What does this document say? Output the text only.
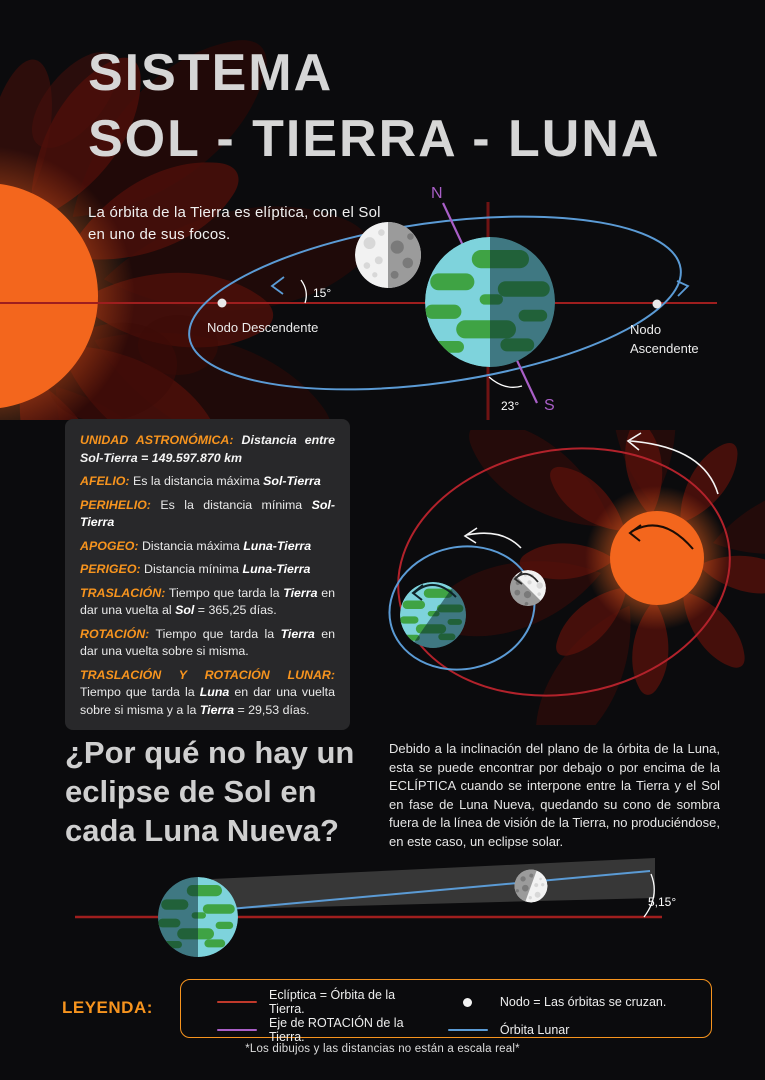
N
S
15°
23°
Nodo Descendente	Nodo
Ascendente
SISTEMA
SOL - TIERRA - LUNA

La órbita de la Tierra es elíptica, con el Sol
en uno de sus focos.

UNIDAD ASTRONÓMICA: Distancia entre Sol-Tierra = 149.597.870 km

AFELIO: Es la distancia máxima Sol-Tierra

PERIHELIO: Es la distancia mínima Sol-Tierra

APOGEO: Distancia máxima Luna-Tierra

PERIGEO: Distancia mínima Luna-Tierra

TRASLACIÓN: Tiempo que tarda la Tierra en dar una vuelta al Sol = 365,25 días.

ROTACIÓN: Tiempo que tarda la Tierra en dar una vuelta sobre si misma.

TRASLACIÓN Y ROTACIÓN LUNAR: Tiempo que tarda la Luna en dar una vuelta sobre si misma y a la Tierra = 29,53 días.

¿Por qué no hay un
eclipse de Sol en
cada Luna Nueva?

Debido a la inclinación del plano de la órbita de la Luna, esta se puede encontrar por debajo o por encima de la ECLÍPTICA cuando se interpone entre la Tierra y el Sol en fase de Luna Nueva, quedando su cono de sombra fuera de la línea de visión de la Tierra, no produciéndose, en este caso, un eclipse solar.

5,15°
LEYENDA:
Eclíptica = Órbita de la Tierra.	Nodo = Las órbitas se cruzan.
Eje de ROTACIÓN de la Tierra.	Órbita Lunar
*Los dibujos y las distancias no están a escala real*
